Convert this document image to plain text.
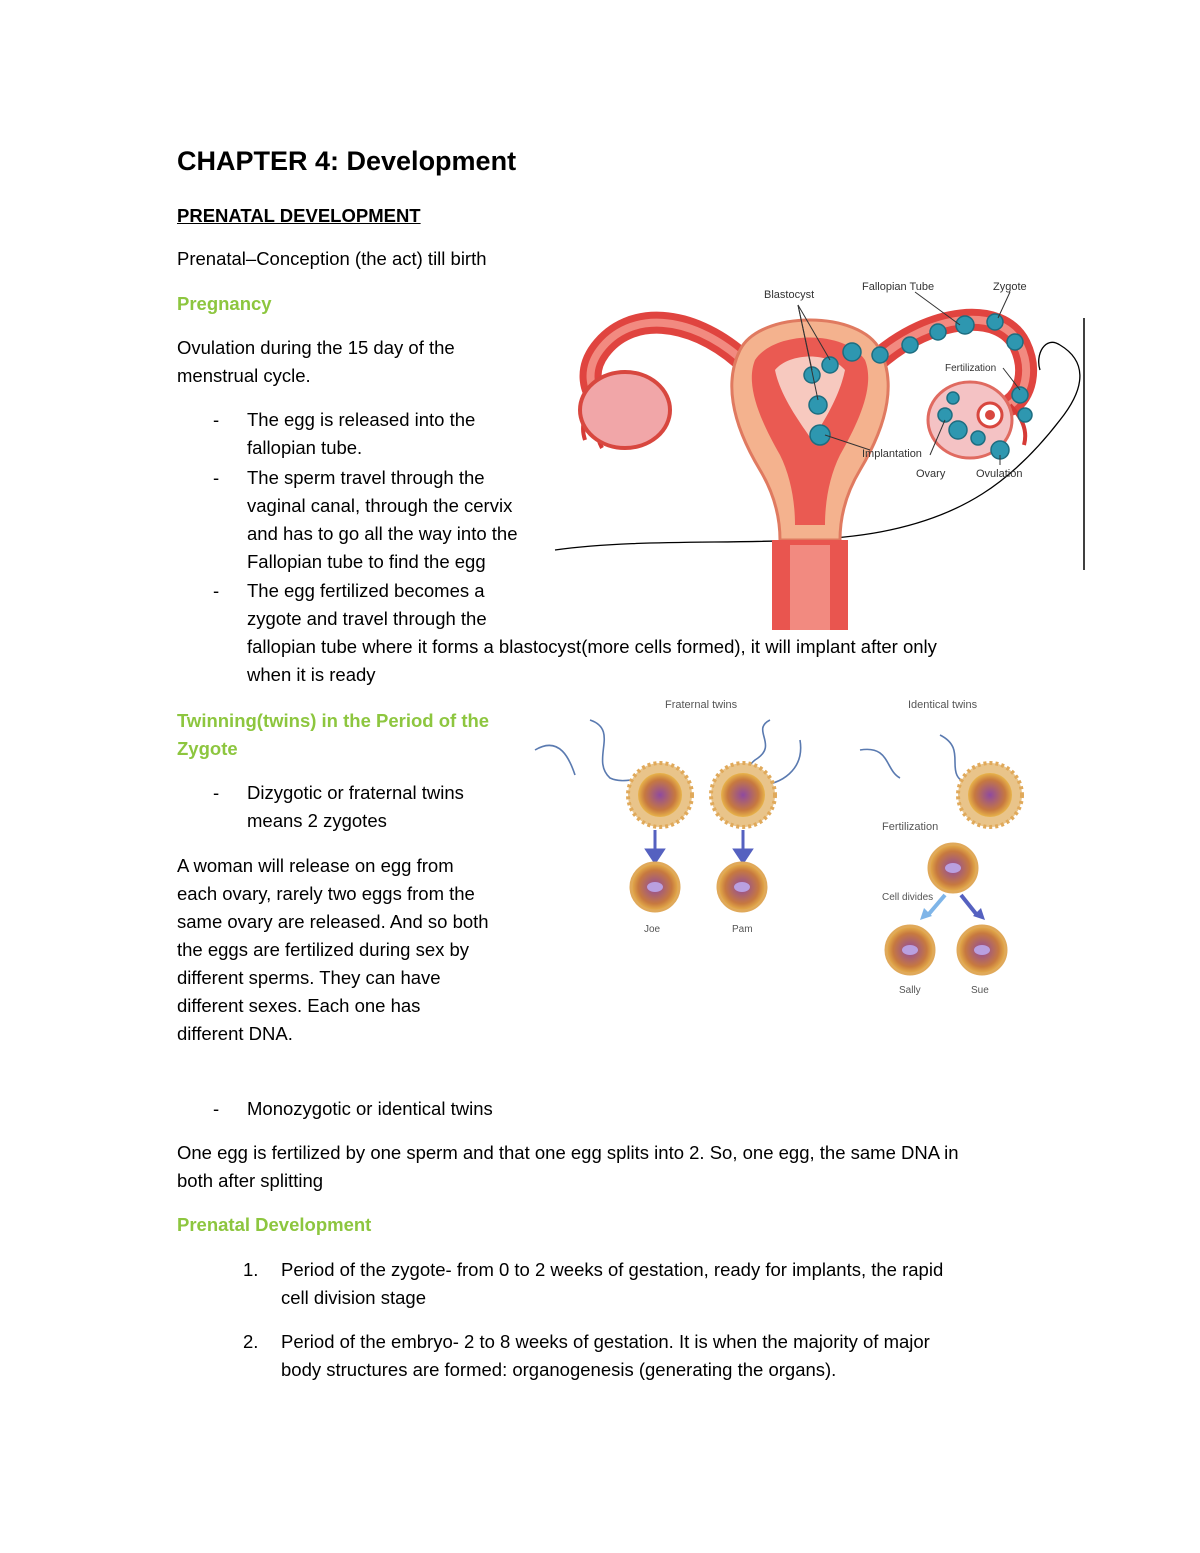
CHAPTER 4: Development
PRENATAL DEVELOPMENT
Prenatal–Conception (the act) till birth
Pregnancy
Ovulation during the 15 day of the
menstrual cycle.
- The egg is released into the
fallopian tube.
- The sperm travel through the
vaginal canal, through the cervix
and has to go all the way into the
Fallopian tube to find the egg
- The egg fertilized becomes a
zygote and travel through the
fallopian tube where it forms a blastocyst(more cells formed), it will implant after only
when it is ready
Twinning(twins) in the Period of the
Zygote
- Dizygotic or fraternal twins
means 2 zygotes
A woman will release on egg from
each ovary, rarely two eggs from the
same ovary are released. And so both
the eggs are fertilized during sex by
different sperms. They can have
different sexes. Each one has
different DNA.
- Monozygotic or identical twins
One egg is fertilized by one sperm and that one egg splits into 2. So, one egg, the same DNA in
both after splitting
Prenatal Development
1. Period of the zygote- from 0 to 2 weeks of gestation, ready for implants, the rapid
cell division stage
2. Period of the embryo- 2 to 8 weeks of gestation. It is when the majority of major
body structures are formed: organogenesis (generating the organs).
Blastocyst
Fallopian Tube	Zygote
Fertilization
Implantation
Ovary	Ovulation
Fraternal twins	Identical twins
Joe	Pam
Fertilization
Cell divides
Sally	Sue
